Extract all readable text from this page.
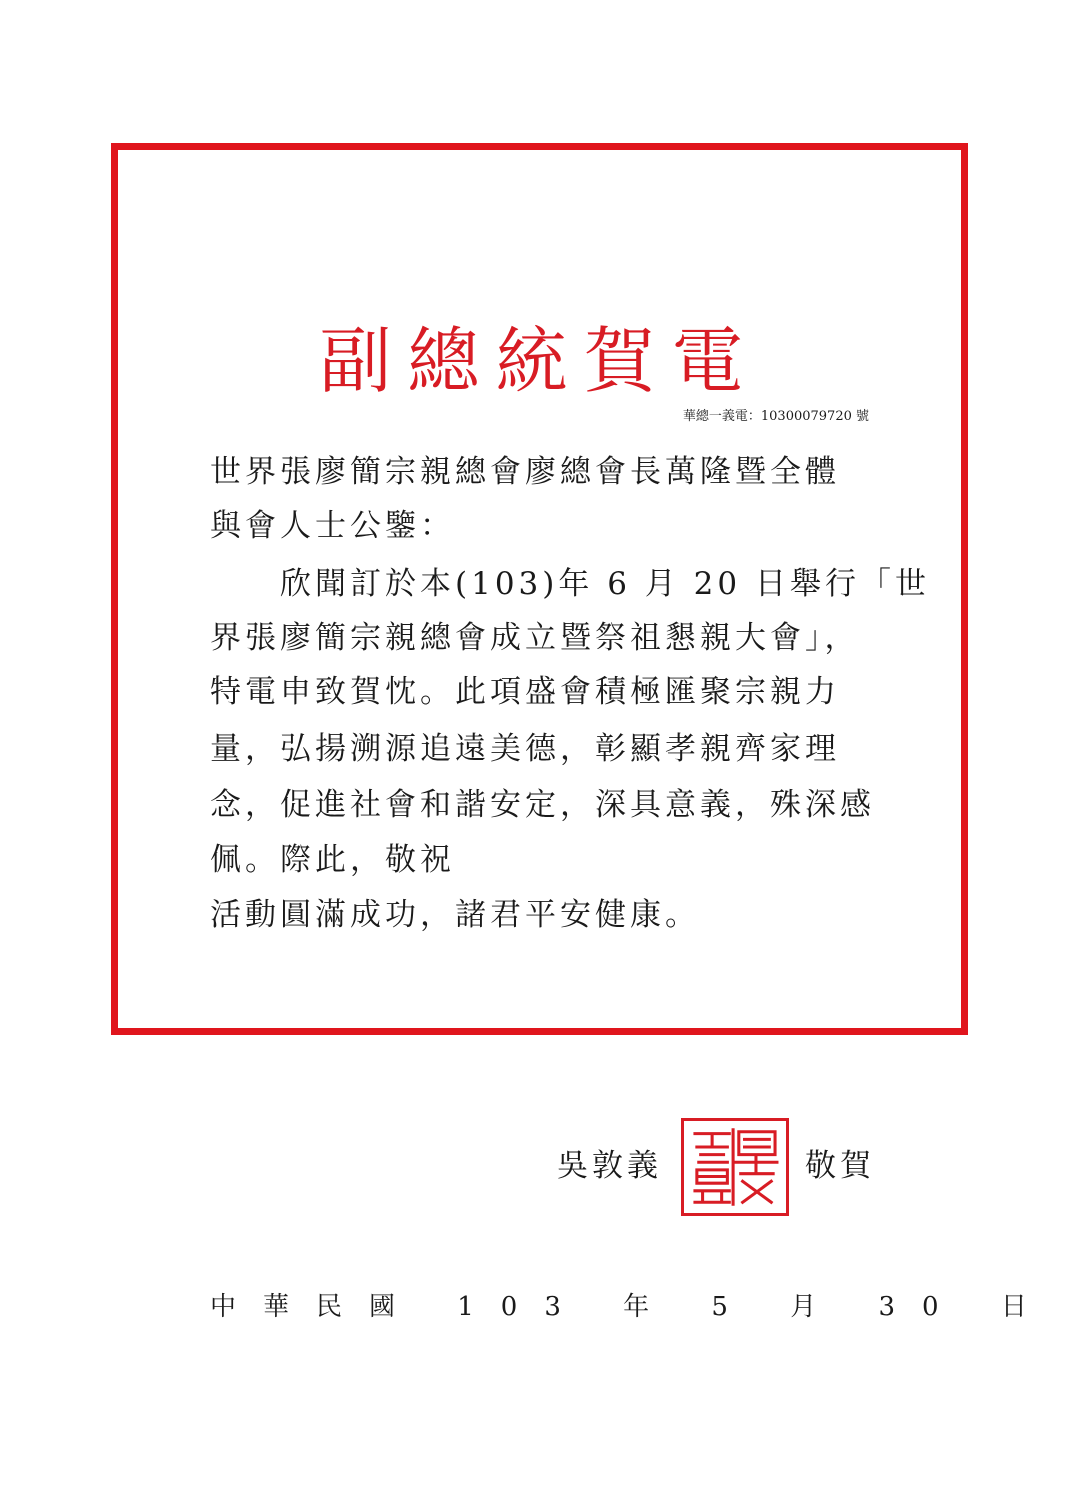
副總統賀電
華總一義電：10300079720 號
世界張廖簡宗親總會廖總會長萬隆暨全體
與會人士公鑒：
　　欣聞訂於本(103)年 6 月 20 日舉行「世
界張廖簡宗親總會成立暨祭祖懇親大會」，
特電申致賀忱。此項盛會積極匯聚宗親力
量，弘揚溯源追遠美德，彰顯孝親齊家理
念，促進社會和諧安定，深具意義，殊深感
佩。際此，敬祝
活動圓滿成功，諸君平安健康。
吳敦義	敬賀
中華民國 103 年 5 月 30 日
